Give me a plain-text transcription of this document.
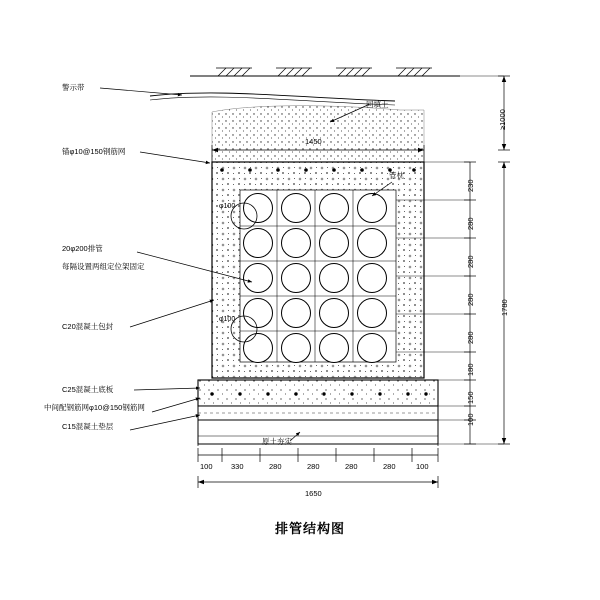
警示带
锚φ10@150钢筋网
20φ200排管
每隔设置两组定位架固定
C20混凝土包封
C25混凝土底板
中间配钢筋网φ10@150钢筋网
C15混凝土垫层
回填土
管枕
φ100
φ100
原土夯实
1450
100 330	280	280	280	280	100
1650
≥1000
230
280
280
280
280
180
150
100
1780
排管结构图
